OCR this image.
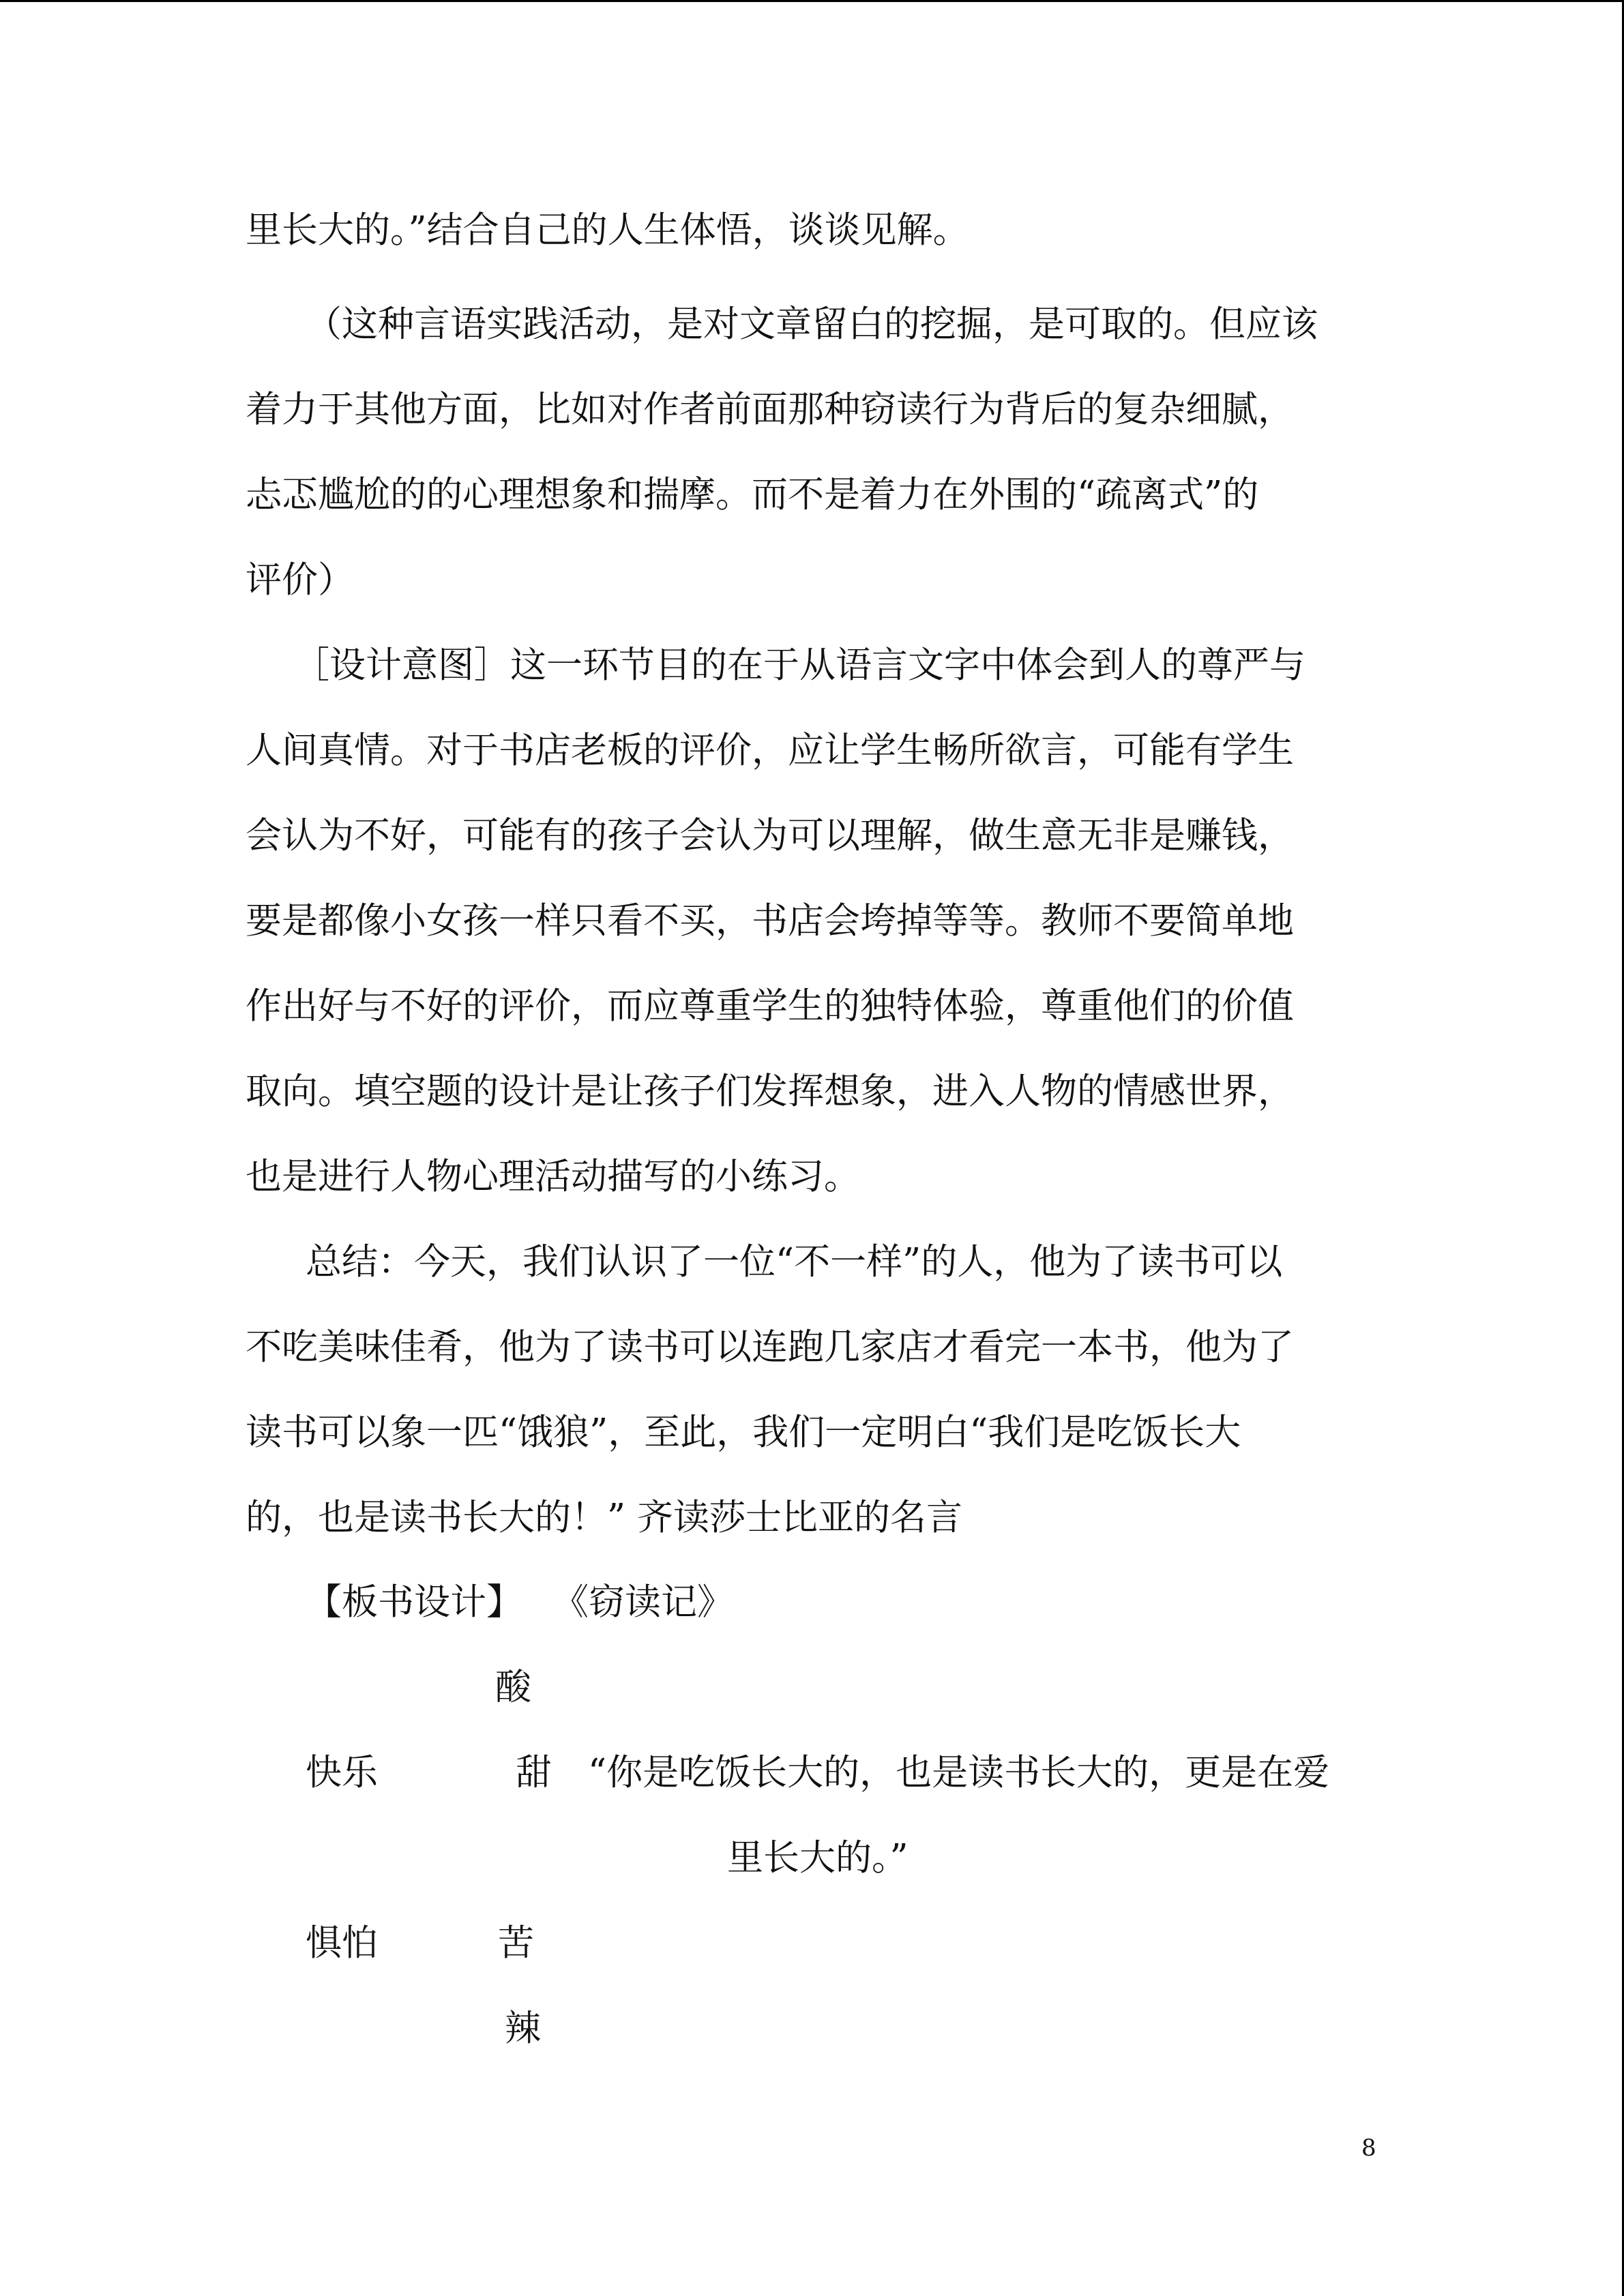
里长大的。”结合自己的人生体悟，谈谈见解。
（这种言语实践活动，是对文章留白的挖掘，是可取的。但应该
着力于其他方面，比如对作者前面那种窃读行为背后的复杂细腻，
忐忑尴尬的的心理想象和揣摩。而不是着力在外围的“疏离式”的
评价）
［设计意图］这一环节目的在于从语言文字中体会到人的尊严与
人间真情。对于书店老板的评价，应让学生畅所欲言，可能有学生
会认为不好，可能有的孩子会认为可以理解，做生意无非是赚钱，
要是都像小女孩一样只看不买，书店会垮掉等等。教师不要简单地
作出好与不好的评价，而应尊重学生的独特体验，尊重他们的价值
取向。填空题的设计是让孩子们发挥想象，进入人物的情感世界，
也是进行人物心理活动描写的小练习。
总结：今天，我们认识了一位“不一样”的人，他为了读书可以
不吃美味佳肴，他为了读书可以连跑几家店才看完一本书，他为了
读书可以象一匹“饿狼”，至此，我们一定明白“我们是吃饭长大
的，也是读书长大的！” 齐读莎士比亚的名言
【板书设计】 《窃读记》
酸
快乐	甜 “你是吃饭长大的，也是读书长大的，更是在爱
里长大的。”
惧怕	苦
辣
8
